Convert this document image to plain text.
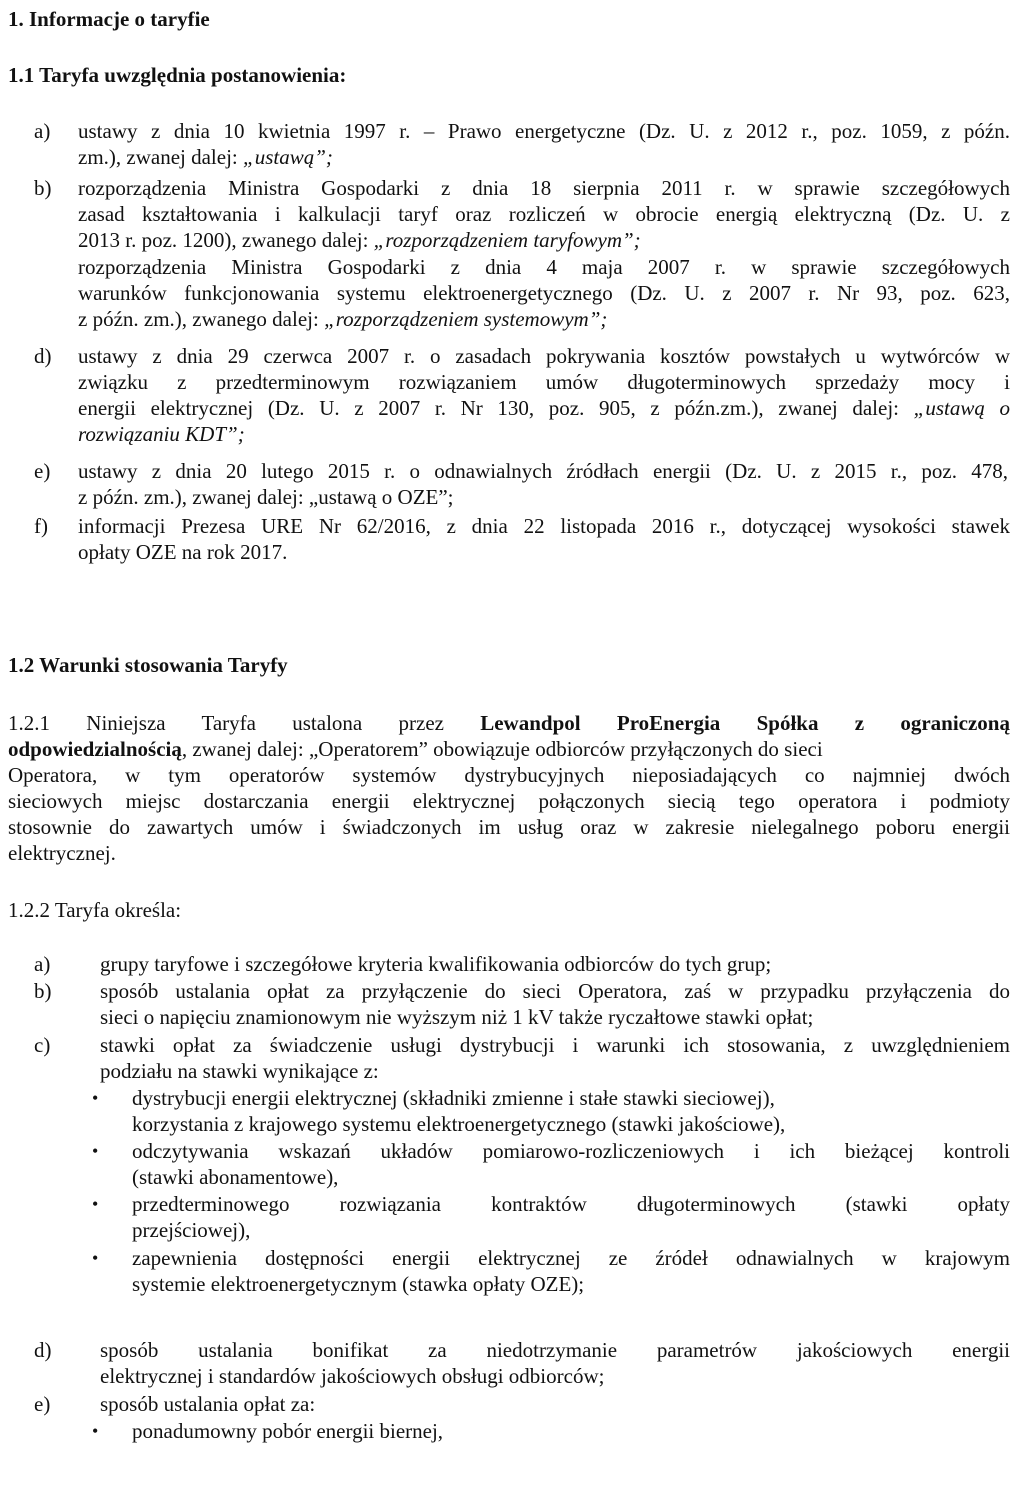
1. Informacje o taryfie
1.1 Taryfa uwzględnia postanowienia:
a) ustawy z dnia 10 kwietnia 1997 r. – Prawo energetyczne (Dz. U. z 2012 r., poz. 1059, z późn.
zm.), zwanej dalej: „ustawą”;
b) rozporządzenia Ministra Gospodarki z dnia 18 sierpnia 2011 r. w sprawie szczegółowych
zasad kształtowania i kalkulacji taryf oraz rozliczeń w obrocie energią elektryczną (Dz. U. z
2013 r. poz. 1200), zwanego dalej: „rozporządzeniem taryfowym”;
rozporządzenia Ministra Gospodarki z dnia 4 maja 2007 r. w sprawie szczegółowych
warunków funkcjonowania systemu elektroenergetycznego (Dz. U. z 2007 r. Nr 93, poz. 623,
z późn. zm.), zwanego dalej: „rozporządzeniem systemowym”;
d) ustawy z dnia 29 czerwca 2007 r. o zasadach pokrywania kosztów powstałych u wytwórców w
związku z przedterminowym rozwiązaniem umów długoterminowych sprzedaży mocy i
energii elektrycznej (Dz. U. z 2007 r. Nr 130, poz. 905, z późn.zm.), zwanej dalej: „ustawą o
rozwiązaniu KDT”;
e) ustawy z dnia 20 lutego 2015 r. o odnawialnych źródłach energii (Dz. U. z 2015 r., poz. 478,
z późn. zm.), zwanej dalej: „ustawą o OZE”;
f) informacji Prezesa URE Nr 62/2016, z dnia 22 listopada 2016 r., dotyczącej wysokości stawek
opłaty OZE na rok 2017.
1.2 Warunki stosowania Taryfy
1.2.1 Niniejsza Taryfa ustalona przez Lewandpol ProEnergia Spółka z ograniczoną
odpowiedzialnością, zwanej dalej: „Operatorem” obowiązuje odbiorców przyłączonych do sieci
Operatora, w tym operatorów systemów dystrybucyjnych nieposiadających co najmniej dwóch
sieciowych miejsc dostarczania energii elektrycznej połączonych siecią tego operatora i podmioty
stosownie do zawartych umów i świadczonych im usług oraz w zakresie nielegalnego poboru energii
elektrycznej.
1.2.2 Taryfa określa:
a) grupy taryfowe i szczegółowe kryteria kwalifikowania odbiorców do tych grup;
b) sposób ustalania opłat za przyłączenie do sieci Operatora, zaś w przypadku przyłączenia do
sieci o napięciu znamionowym nie wyższym niż 1 kV także ryczałtowe stawki opłat;
c) stawki opłat za świadczenie usługi dystrybucji i warunki ich stosowania, z uwzględnieniem
podziału na stawki wynikające z:
• dystrybucji energii elektrycznej (składniki zmienne i stałe stawki sieciowej),
korzystania z krajowego systemu elektroenergetycznego (stawki jakościowe),
• odczytywania wskazań układów pomiarowo-rozliczeniowych i ich bieżącej kontroli
(stawki abonamentowe),
• przedterminowego rozwiązania kontraktów długoterminowych (stawki opłaty
przejściowej),
• zapewnienia dostępności energii elektrycznej ze źródeł odnawialnych w krajowym
systemie elektroenergetycznym (stawka opłaty OZE);
d) sposób ustalania bonifikat za niedotrzymanie parametrów jakościowych energii
elektrycznej i standardów jakościowych obsługi odbiorców;
e) sposób ustalania opłat za:
• ponadumowny pobór energii biernej,
